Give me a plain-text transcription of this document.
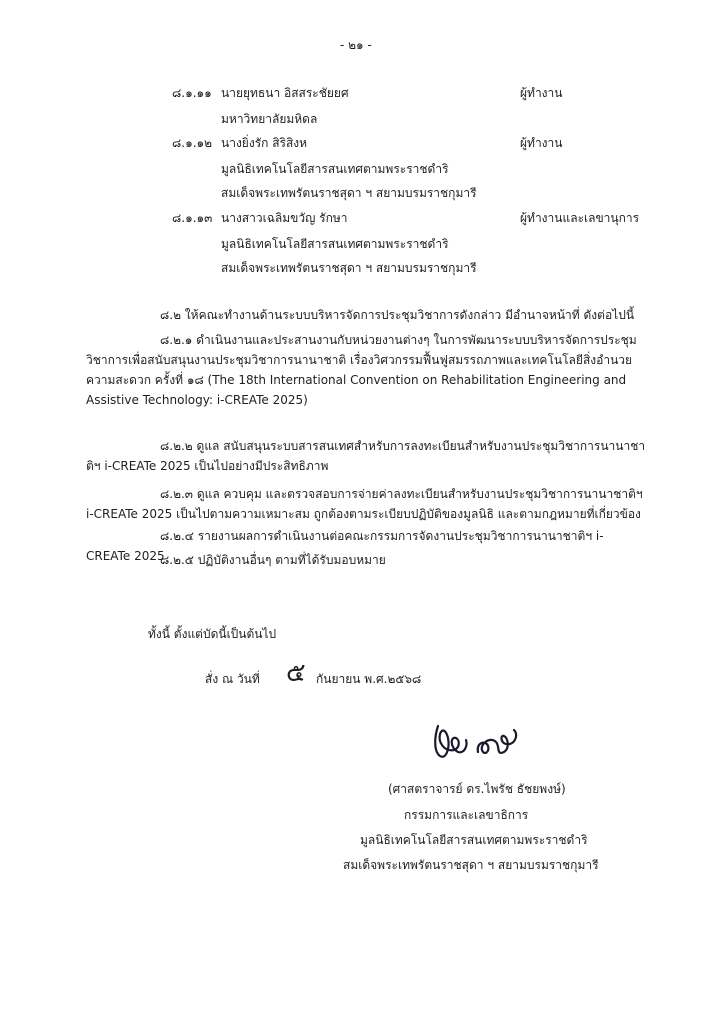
- ๒๑ -
๘.๑.๑๑ นายยุทธนา อิสสระชัยยศ	ผู้ทำงาน
มหาวิทยาลัยมหิดล
๘.๑.๑๒ นางยิ่งรัก สิริสิงห	ผู้ทำงาน
มูลนิธิเทคโนโลยีสารสนเทศตามพระราชดำริ
สมเด็จพระเทพรัตนราชสุดา ฯ สยามบรมราชกุมารี
๘.๑.๑๓ นางสาวเฉลิมขวัญ รักษา	ผู้ทำงานและเลขานุการ
มูลนิธิเทคโนโลยีสารสนเทศตามพระราชดำริ
สมเด็จพระเทพรัตนราชสุดา ฯ สยามบรมราชกุมารี
๘.๒ ให้คณะทำงานด้านระบบบริหารจัดการประชุมวิชาการดังกล่าว มีอำนาจหน้าที่ ดังต่อไปนี้
๘.๒.๑ ดำเนินงานและประสานงานกับหน่วยงานต่างๆ ในการพัฒนาระบบบริหารจัดการประชุมวิชาการเพื่อสนับสนุนงานประชุมวิชาการนานาชาติ เรื่องวิศวกรรมฟื้นฟูสมรรถภาพและเทคโนโลยีสิ่งอำนวยความสะดวก ครั้งที่ ๑๘ (The 18th International Convention on Rehabilitation Engineering and Assistive Technology: i-CREATe 2025)
๘.๒.๒ ดูแล สนับสนุนระบบสารสนเทศสำหรับการลงทะเบียนสำหรับงานประชุมวิชาการนานาชาติฯ i-CREATe 2025 เป็นไปอย่างมีประสิทธิภาพ
๘.๒.๓ ดูแล ควบคุม และตรวจสอบการจ่ายค่าลงทะเบียนสำหรับงานประชุมวิชาการนานาชาติฯ i-CREATe 2025 เป็นไปตามความเหมาะสม ถูกต้องตามระเบียบปฏิบัติของมูลนิธิ และตามกฎหมายที่เกี่ยวข้อง
๘.๒.๔ รายงานผลการดำเนินงานต่อคณะกรรมการจัดงานประชุมวิชาการนานาชาติฯ i-CREATe 2025
๘.๒.๕ ปฏิบัติงานอื่นๆ ตามที่ได้รับมอบหมาย
ทั้งนี้ ตั้งแต่บัดนี้เป็นต้นไป
สั่ง ณ วันที่ ๕ กันยายน พ.ศ.๒๕๖๘
(ศาสตราจารย์ ดร.ไพรัช ธัชยพงษ์)
กรรมการและเลขาธิการ
มูลนิธิเทคโนโลยีสารสนเทศตามพระราชดำริ
สมเด็จพระเทพรัตนราชสุดา ฯ สยามบรมราชกุมารี
